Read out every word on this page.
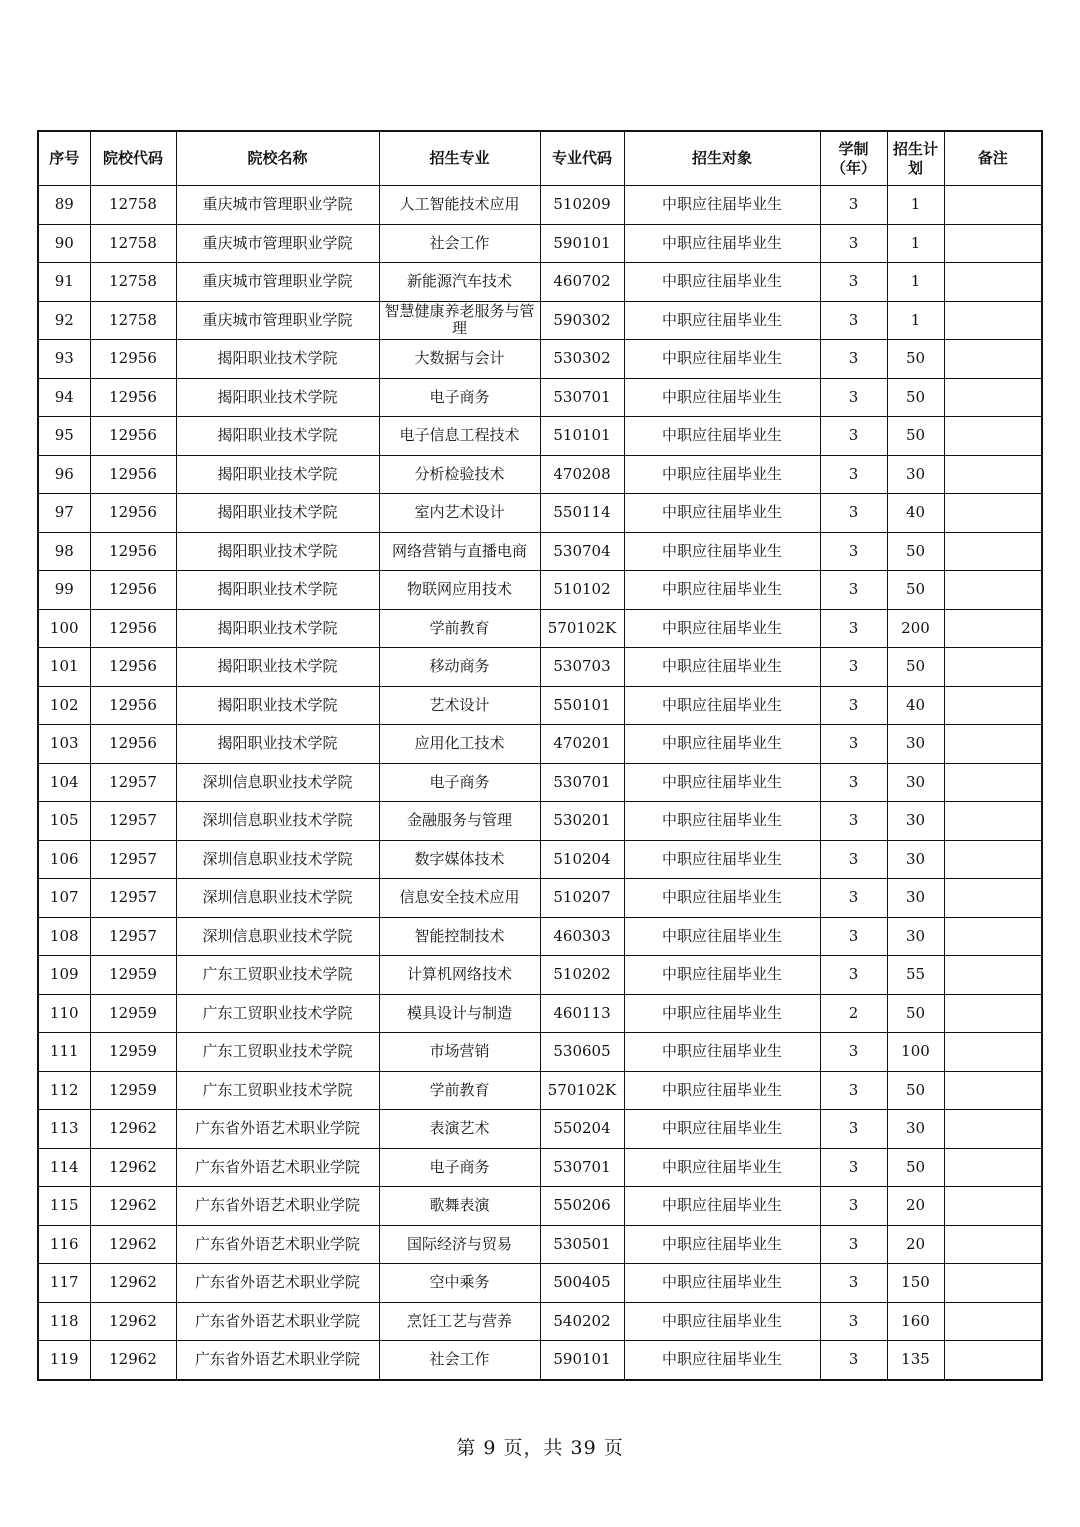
序号	院校代码	院校名称	招生专业	专业代码	招生对象	学制（年）	招生计划	备注
89	12758	重庆城市管理职业学院	人工智能技术应用	510209	中职应往届毕业生	3	1	
90	12758	重庆城市管理职业学院	社会工作	590101	中职应往届毕业生	3	1	
91	12758	重庆城市管理职业学院	新能源汽车技术	460702	中职应往届毕业生	3	1	
92	12758	重庆城市管理职业学院	智慧健康养老服务与管理	590302	中职应往届毕业生	3	1	
93	12956	揭阳职业技术学院	大数据与会计	530302	中职应往届毕业生	3	50	
94	12956	揭阳职业技术学院	电子商务	530701	中职应往届毕业生	3	50	
95	12956	揭阳职业技术学院	电子信息工程技术	510101	中职应往届毕业生	3	50	
96	12956	揭阳职业技术学院	分析检验技术	470208	中职应往届毕业生	3	30	
97	12956	揭阳职业技术学院	室内艺术设计	550114	中职应往届毕业生	3	40	
98	12956	揭阳职业技术学院	网络营销与直播电商	530704	中职应往届毕业生	3	50	
99	12956	揭阳职业技术学院	物联网应用技术	510102	中职应往届毕业生	3	50	
100	12956	揭阳职业技术学院	学前教育	570102K	中职应往届毕业生	3	200	
101	12956	揭阳职业技术学院	移动商务	530703	中职应往届毕业生	3	50	
102	12956	揭阳职业技术学院	艺术设计	550101	中职应往届毕业生	3	40	
103	12956	揭阳职业技术学院	应用化工技术	470201	中职应往届毕业生	3	30	
104	12957	深圳信息职业技术学院	电子商务	530701	中职应往届毕业生	3	30	
105	12957	深圳信息职业技术学院	金融服务与管理	530201	中职应往届毕业生	3	30	
106	12957	深圳信息职业技术学院	数字媒体技术	510204	中职应往届毕业生	3	30	
107	12957	深圳信息职业技术学院	信息安全技术应用	510207	中职应往届毕业生	3	30	
108	12957	深圳信息职业技术学院	智能控制技术	460303	中职应往届毕业生	3	30	
109	12959	广东工贸职业技术学院	计算机网络技术	510202	中职应往届毕业生	3	55	
110	12959	广东工贸职业技术学院	模具设计与制造	460113	中职应往届毕业生	2	50	
111	12959	广东工贸职业技术学院	市场营销	530605	中职应往届毕业生	3	100	
112	12959	广东工贸职业技术学院	学前教育	570102K	中职应往届毕业生	3	50	
113	12962	广东省外语艺术职业学院	表演艺术	550204	中职应往届毕业生	3	30	
114	12962	广东省外语艺术职业学院	电子商务	530701	中职应往届毕业生	3	50	
115	12962	广东省外语艺术职业学院	歌舞表演	550206	中职应往届毕业生	3	20	
116	12962	广东省外语艺术职业学院	国际经济与贸易	530501	中职应往届毕业生	3	20	
117	12962	广东省外语艺术职业学院	空中乘务	500405	中职应往届毕业生	3	150	
118	12962	广东省外语艺术职业学院	烹饪工艺与营养	540202	中职应往届毕业生	3	160	
119	12962	广东省外语艺术职业学院	社会工作	590101	中职应往届毕业生	3	135	
第 9 页，共 39 页
